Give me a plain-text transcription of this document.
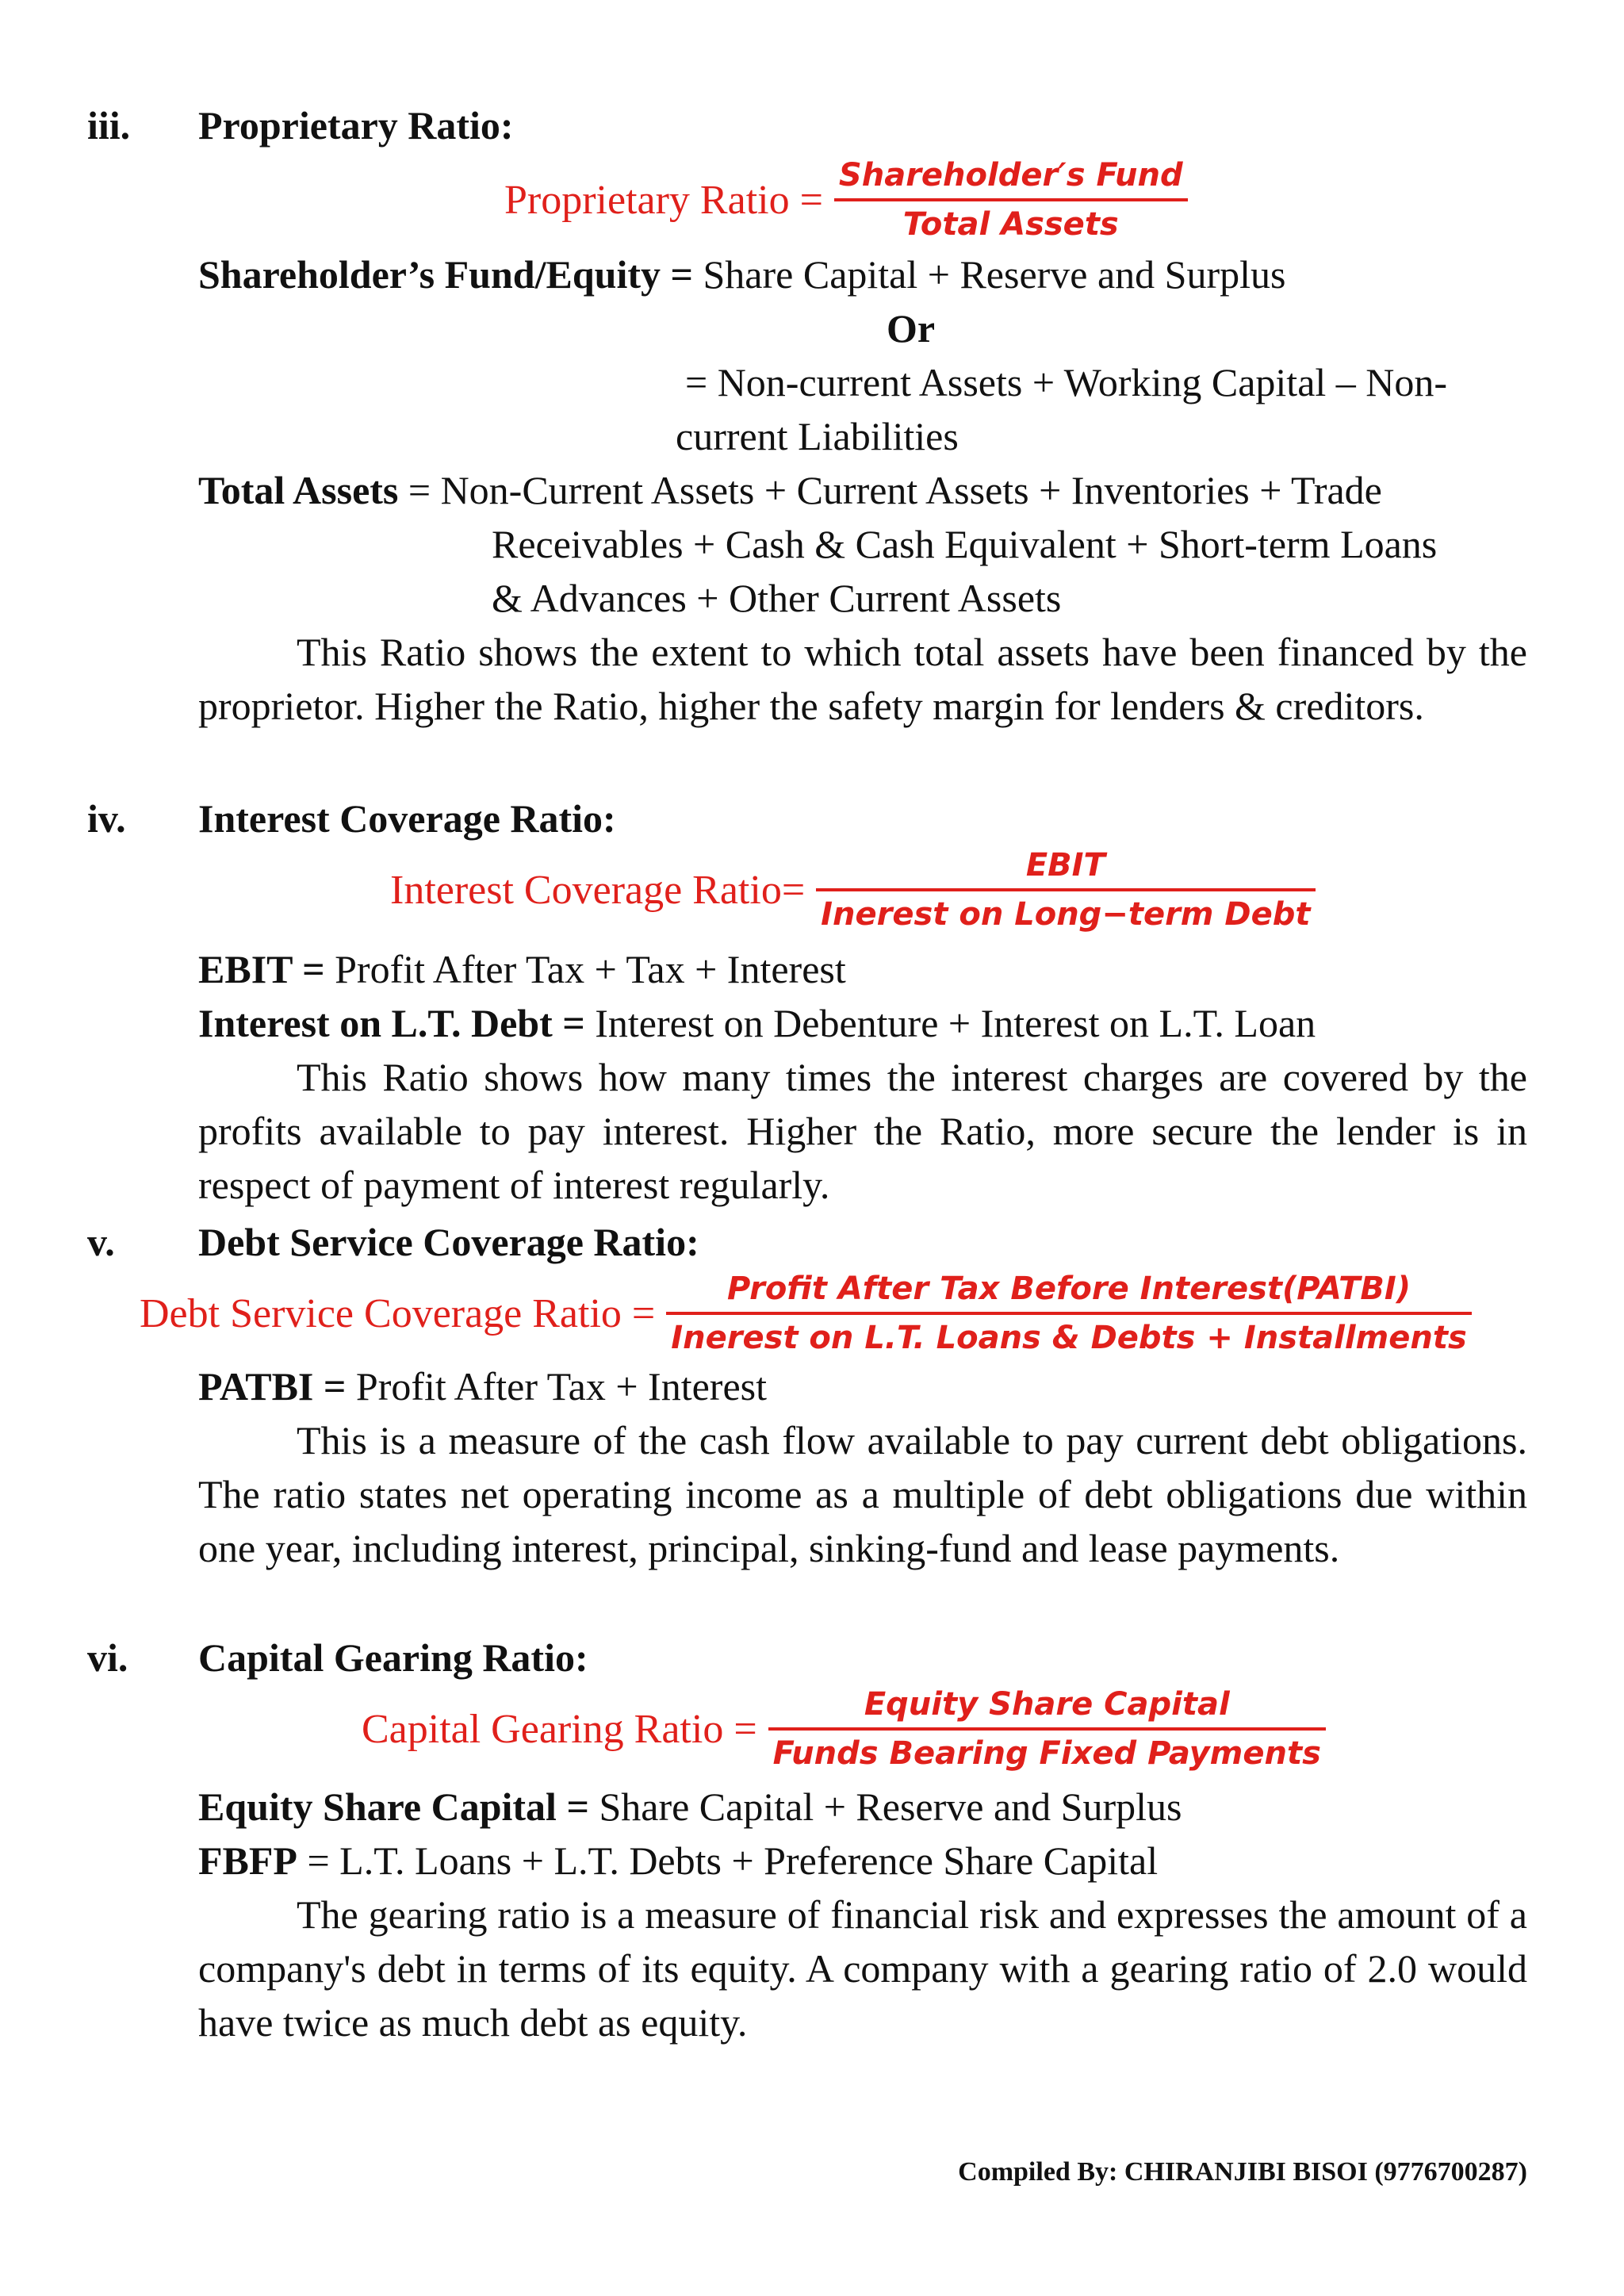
iii. Proprietary Ratio:
Proprietary Ratio = $\frac{\text{Shareholder′s Fund}}{\text{Total Assets}}$
Shareholder’s Fund/Equity = Share Capital + Reserve and Surplus
Or
= Non-current Assets + Working Capital – Non-
current Liabilities
Total Assets = Non-Current Assets + Current Assets + Inventories + Trade
Receivables + Cash & Cash Equivalent + Short-term Loans
& Advances + Other Current Assets
This Ratio shows the extent to which total assets have been financed by the proprietor. Higher the Ratio, higher the safety margin for lenders & creditors.
iv. Interest Coverage Ratio:
Interest Coverage Ratio= $\frac{\text{EBIT}}{\text{Inerest on Long−term Debt}}$
EBIT = Profit After Tax + Tax + Interest
Interest on L.T. Debt = Interest on Debenture + Interest on L.T. Loan
This Ratio shows how many times the interest charges are covered by the profits available to pay interest. Higher the Ratio, more secure the lender is in respect of payment of interest regularly.
v. Debt Service Coverage Ratio:
Debt Service Coverage Ratio = $\frac{\text{Profit After Tax Before Interest(PATBI)}}{\text{Inerest on L.T. Loans \& Debts + Installments}}$
PATBI = Profit After Tax + Interest
This is a measure of the cash flow available to pay current debt obligations. The ratio states net operating income as a multiple of debt obligations due within one year, including interest, principal, sinking-fund and lease payments.
vi. Capital Gearing Ratio:
Capital Gearing Ratio = $\frac{\text{Equity Share Capital}}{\text{Funds Bearing Fixed Payments}}$
Equity Share Capital = Share Capital + Reserve and Surplus
FBFP = L.T. Loans + L.T. Debts + Preference Share Capital
The gearing ratio is a measure of financial risk and expresses the amount of a company's debt in terms of its equity. A company with a gearing ratio of 2.0 would have twice as much debt as equity.
Compiled By: CHIRANJIBI BISOI (9776700287)
